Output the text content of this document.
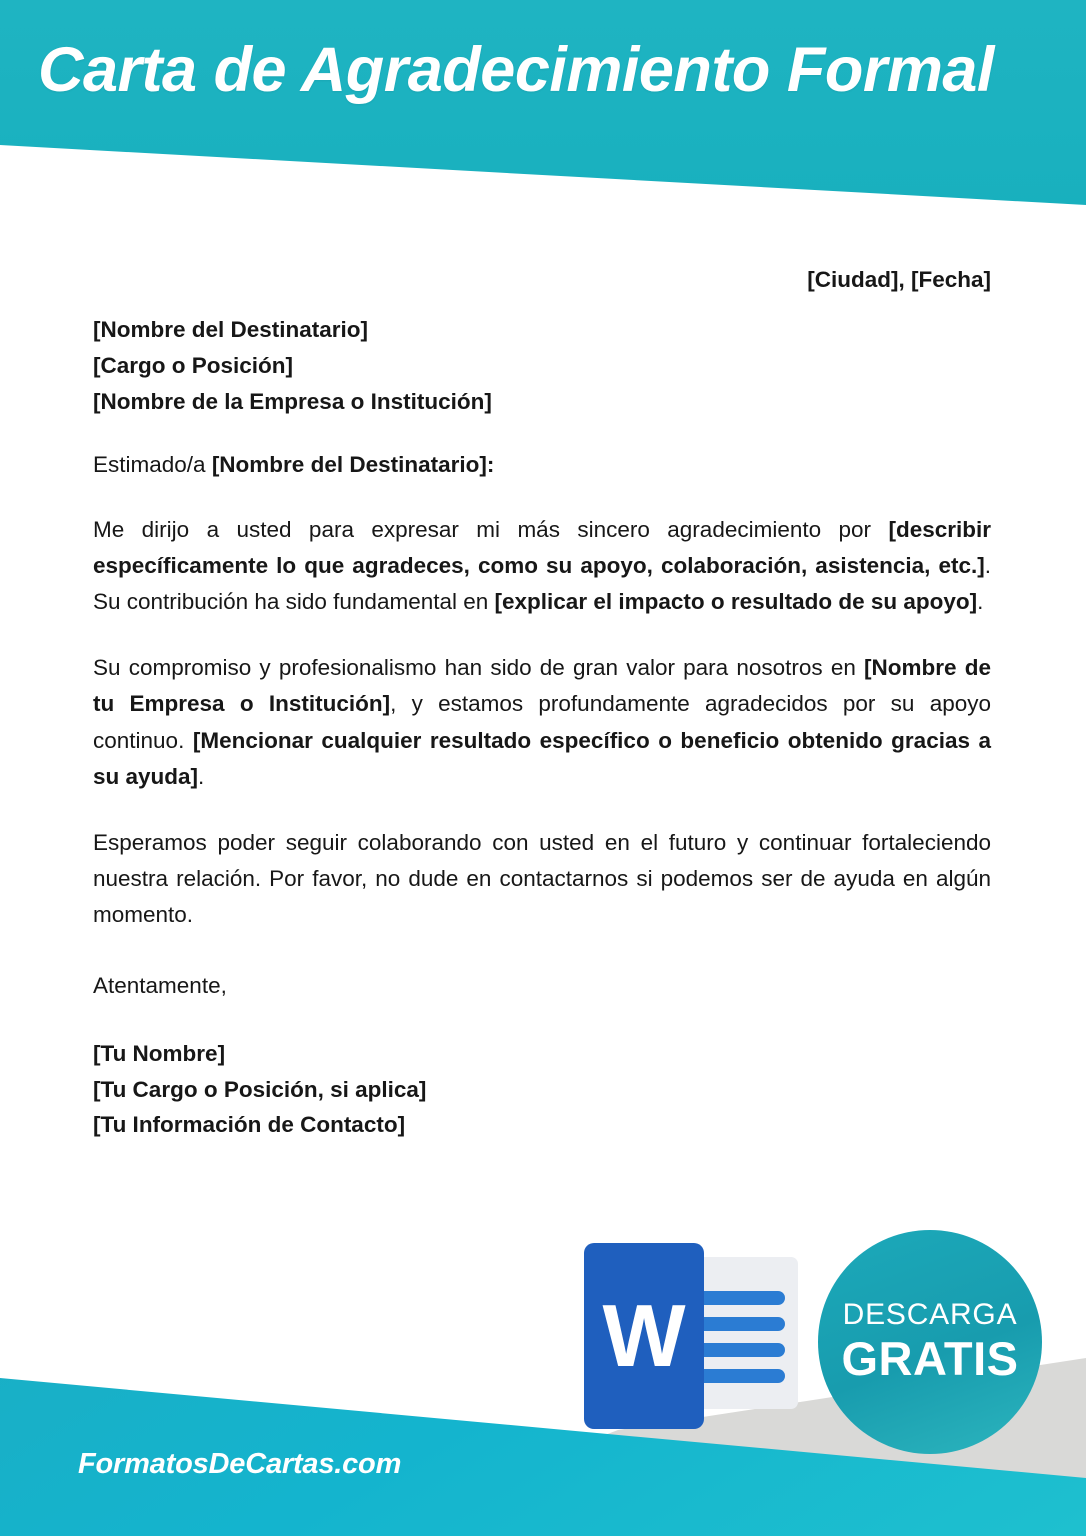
Carta de Agradecimiento Formal
[Ciudad], [Fecha]
[Nombre del Destinatario]
[Cargo o Posición]
[Nombre de la Empresa o Institución]
Estimado/a [Nombre del Destinatario]:
Me dirijo a usted para expresar mi más sincero agradecimiento por [describir específicamente lo que agradeces, como su apoyo, colaboración, asistencia, etc.]. Su contribución ha sido fundamental en [explicar el impacto o resultado de su apoyo].
Su compromiso y profesionalismo han sido de gran valor para nosotros en [Nombre de tu Empresa o Institución], y estamos profundamente agradecidos por su apoyo continuo. [Mencionar cualquier resultado específico o beneficio obtenido gracias a su ayuda].
Esperamos poder seguir colaborando con usted en el futuro y continuar fortaleciendo nuestra relación. Por favor, no dude en contactarnos si podemos ser de ayuda en algún momento.
Atentamente,
[Tu Nombre]
[Tu Cargo o Posición, si aplica]
[Tu Información de Contacto]
W	DESCARGA
GRATIS
FormatosDeCartas.com
